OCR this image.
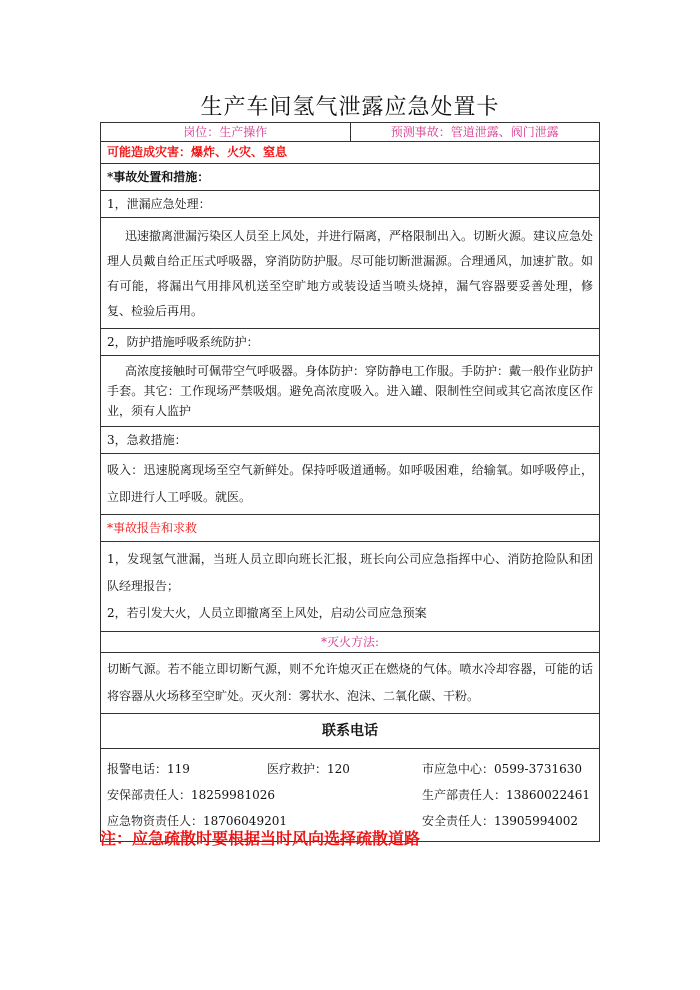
生产车间氢气泄露应急处置卡
岗位：生产操作	预测事故：管道泄露、阀门泄露
可能造成灾害：爆炸、火灾、窒息
*事故处置和措施：
1，泄漏应急处理：
迅速撤离泄漏污染区人员至上风处，并进行隔离，严格限制出入。切断火源。建议应急处理人员戴自给正压式呼吸器，穿消防防护服。尽可能切断泄漏源。合理通风，加速扩散。如有可能，将漏出气用排风机送至空旷地方或装设适当喷头烧掉，漏气容器要妥善处理，修复、检验后再用。
2，防护措施呼吸系统防护：
高浓度接触时可佩带空气呼吸器。身体防护：穿防静电工作服。手防护：戴一般作业防护手套。其它：工作现场严禁吸烟。避免高浓度吸入。进入罐、限制性空间或其它高浓度区作业，须有人监护
3，急救措施：
吸入：迅速脱离现场至空气新鲜处。保持呼吸道通畅。如呼吸困难，给输氧。如呼吸停止，立即进行人工呼吸。就医。
*事故报告和求救
1，发现氢气泄漏，当班人员立即向班长汇报，班长向公司应急指挥中心、消防抢险队和团队经理报告；
2，若引发大火，人员立即撤离至上风处，启动公司应急预案
*灭火方法:
切断气源。若不能立即切断气源，则不允许熄灭正在燃烧的气体。喷水冷却容器，可能的话将容器从火场移至空旷处。灭火剂：雾状水、泡沫、二氧化碳、干粉。
联系电话
报警电话：119	医疗救护：120	市应急中心：0599-3731630
安保部责任人：18259981026	生产部责任人：13860022461
应急物资责任人：18706049201	安全责任人：13905994002
注：应急疏散时要根据当时风向选择疏散道路
